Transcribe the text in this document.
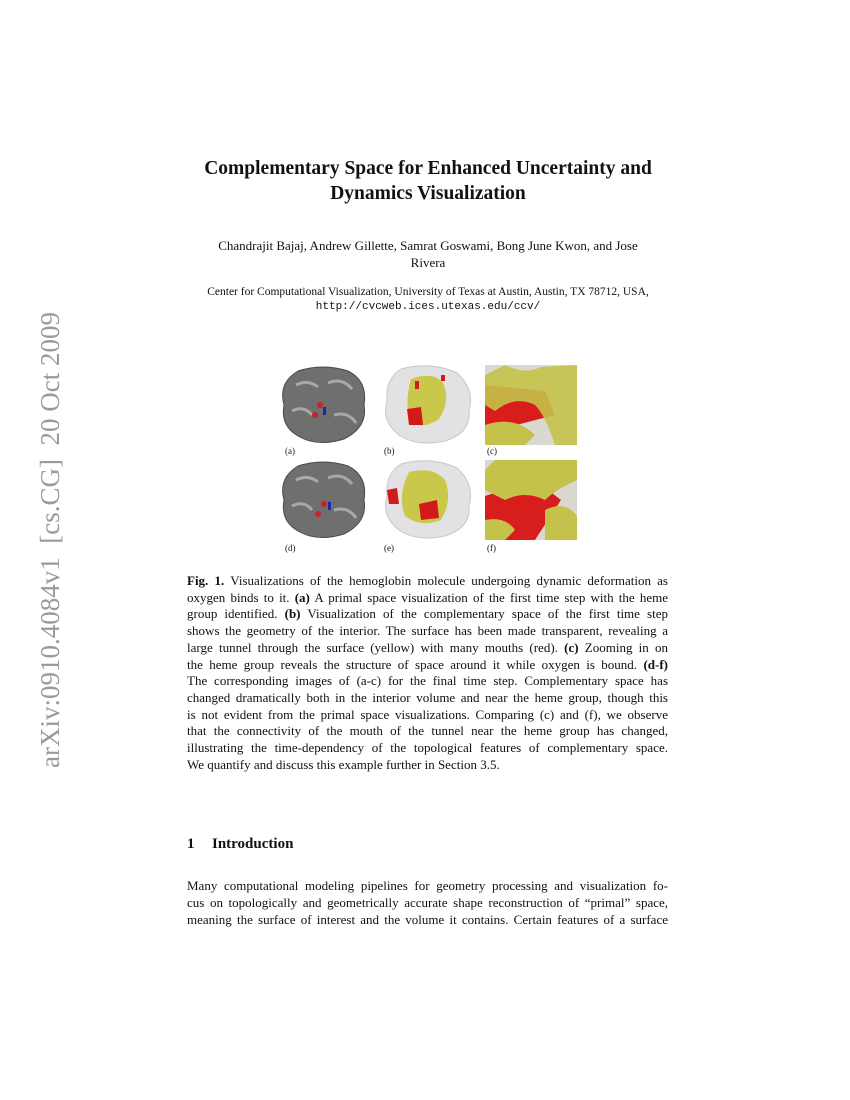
arXiv:0910.4084v1  [cs.CG]  20 Oct 2009
Complementary Space for Enhanced Uncertainty and
Dynamics Visualization
Chandrajit Bajaj, Andrew Gillette, Samrat Goswami, Bong June Kwon, and Jose
Rivera
Center for Computational Visualization, University of Texas at Austin, Austin, TX 78712, USA,
http://cvcweb.ices.utexas.edu/ccv/
(a)	(b)	(c)
(d)	(e)	(f)
Fig. 1. Visualizations of the hemoglobin molecule undergoing dynamic deformation as
oxygen binds to it. (a) A primal space visualization of the first time step with the heme
group identified. (b) Visualization of the complementary space of the first time step
shows the geometry of the interior. The surface has been made transparent, revealing a
large tunnel through the surface (yellow) with many mouths (red). (c) Zooming in on
the heme group reveals the structure of space around it while oxygen is bound. (d-f)
The corresponding images of (a-c) for the final time step. Complementary space has
changed dramatically both in the interior volume and near the heme group, though this
is not evident from the primal space visualizations. Comparing (c) and (f), we observe
that the connectivity of the mouth of the tunnel near the heme group has changed,
illustrating the time-dependency of the topological features of complementary space.
We quantify and discuss this example further in Section 3.5.
1 Introduction
Many computational modeling pipelines for geometry processing and visualization fo-
cus on topologically and geometrically accurate shape reconstruction of “primal” space,
meaning the surface of interest and the volume it contains. Certain features of a surface
